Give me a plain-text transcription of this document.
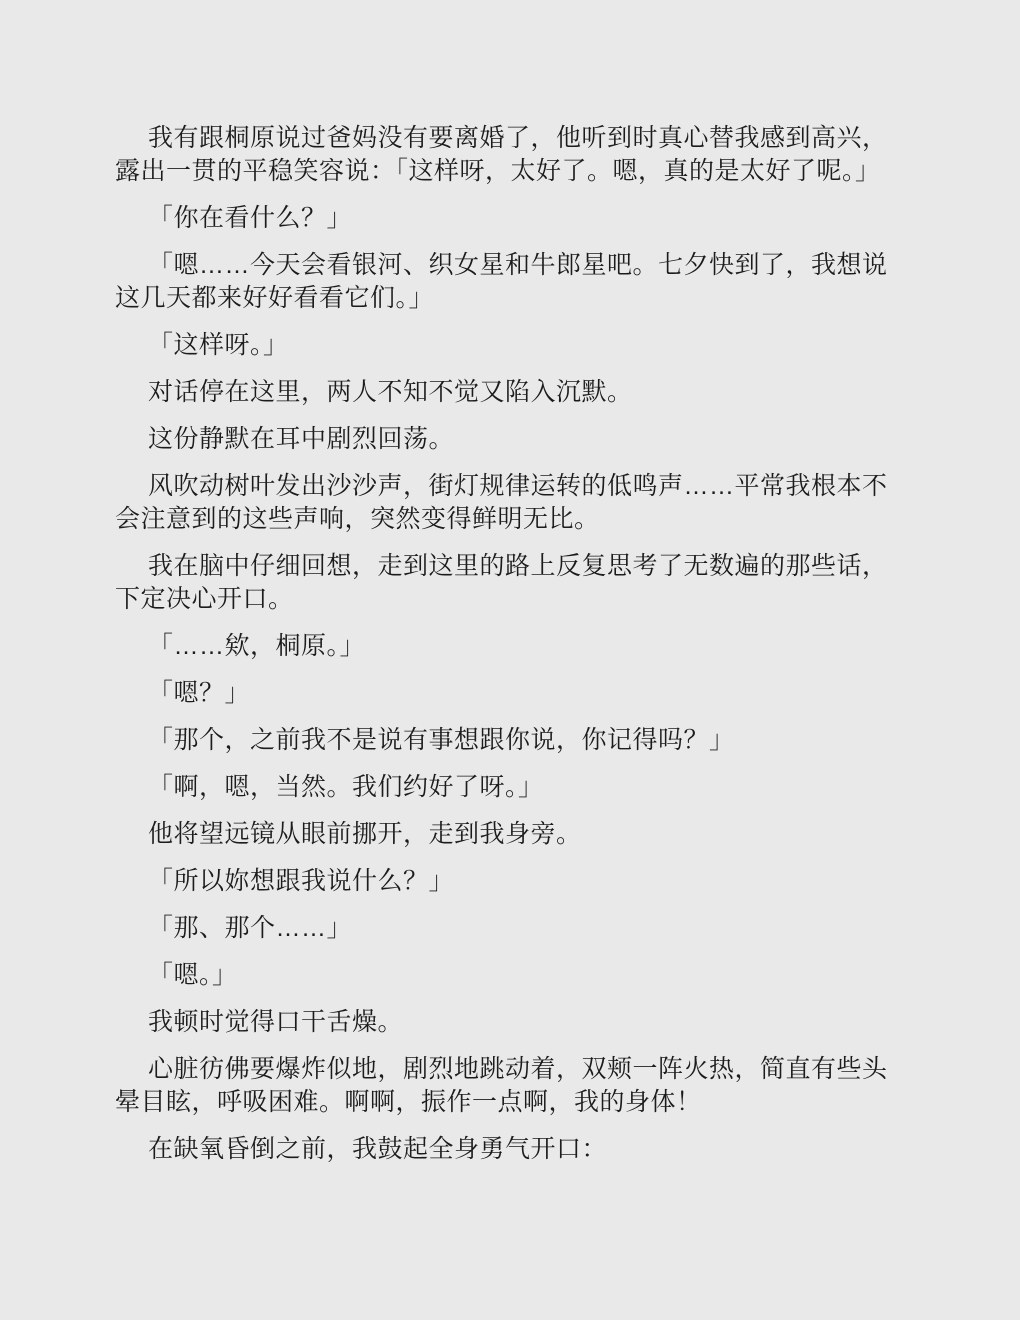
我有跟桐原说过爸妈没有要离婚了，他听到时真心替我感到高兴，露出一贯的平稳笑容说：「这样呀，太好了。嗯，真的是太好了呢。」

「你在看什么？」

「嗯……今天会看银河、织女星和牛郎星吧。七夕快到了，我想说这几天都来好好看看它们。」

「这样呀。」

对话停在这里，两人不知不觉又陷入沉默。

这份静默在耳中剧烈回荡。

风吹动树叶发出沙沙声，街灯规律运转的低鸣声……平常我根本不会注意到的这些声响，突然变得鲜明无比。

我在脑中仔细回想，走到这里的路上反复思考了无数遍的那些话，下定决心开口。

「……欸，桐原。」

「嗯？」

「那个，之前我不是说有事想跟你说，你记得吗？」

「啊，嗯，当然。我们约好了呀。」

他将望远镜从眼前挪开，走到我身旁。

「所以妳想跟我说什么？」

「那、那个……」

「嗯。」

我顿时觉得口干舌燥。

心脏彷佛要爆炸似地，剧烈地跳动着，双颊一阵火热，简直有些头晕目眩，呼吸困难。啊啊，振作一点啊，我的身体！

在缺氧昏倒之前，我鼓起全身勇气开口：
